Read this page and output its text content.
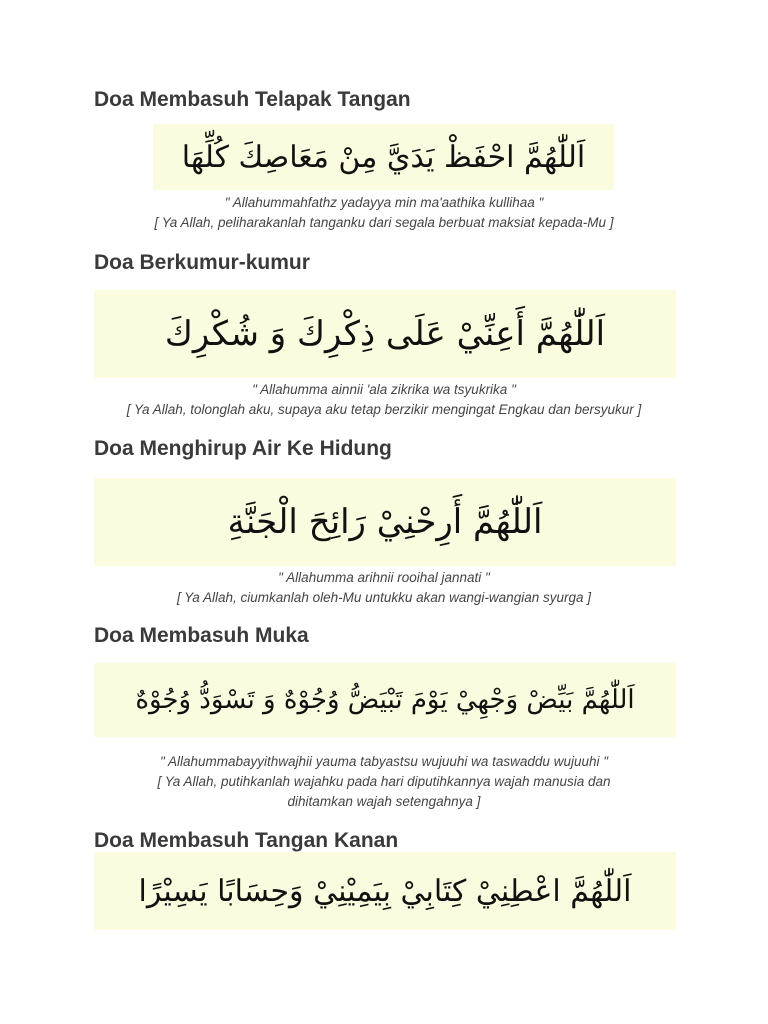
Doa Membasuh Telapak Tangan
اَللّٰهُمَّ احْفَظْ يَدَيَّ مِنْ مَعَاصِكَ كُلِّهَا
" Allahummahfathz yadayya min ma'aathika kullihaa "
[ Ya Allah, peliharakanlah tanganku dari segala berbuat maksiat kepada-Mu ]
Doa Berkumur-kumur
اَللّٰهُمَّ أَعِنِّيْ عَلَى ذِكْرِكَ وَ شُكْرِكَ
" Allahumma ainnii 'ala zikrika wa tsyukrika "
[ Ya Allah, tolonglah aku, supaya aku tetap berzikir mengingat Engkau dan bersyukur ]
Doa Menghirup Air Ke Hidung
اَللّٰهُمَّ أَرِحْنِيْ رَائِحَ الْجَنَّةِ
" Allahumma arihnii rooihal jannati "
[ Ya Allah, ciumkanlah oleh-Mu untukku akan wangi-wangian syurga ]
Doa Membasuh Muka
اَللّٰهُمَّ بَيِّضْ وَجْهِيْ يَوْمَ تَبْيَضُّ وُجُوْهٌ وَ تَسْوَدُّ وُجُوْهٌ
" Allahummabayyithwajhii yauma tabyastsu wujuuhi wa taswaddu wujuuhi "
[ Ya Allah, putihkanlah wajahku pada hari diputihkannya wajah manusia dan
dihitamkan wajah setengahnya ]
Doa Membasuh Tangan Kanan
اَللّٰهُمَّ اعْطِنِيْ كِتَابِيْ بِيَمِيْنِيْ وَحِسَابًا يَسِيْرًا
